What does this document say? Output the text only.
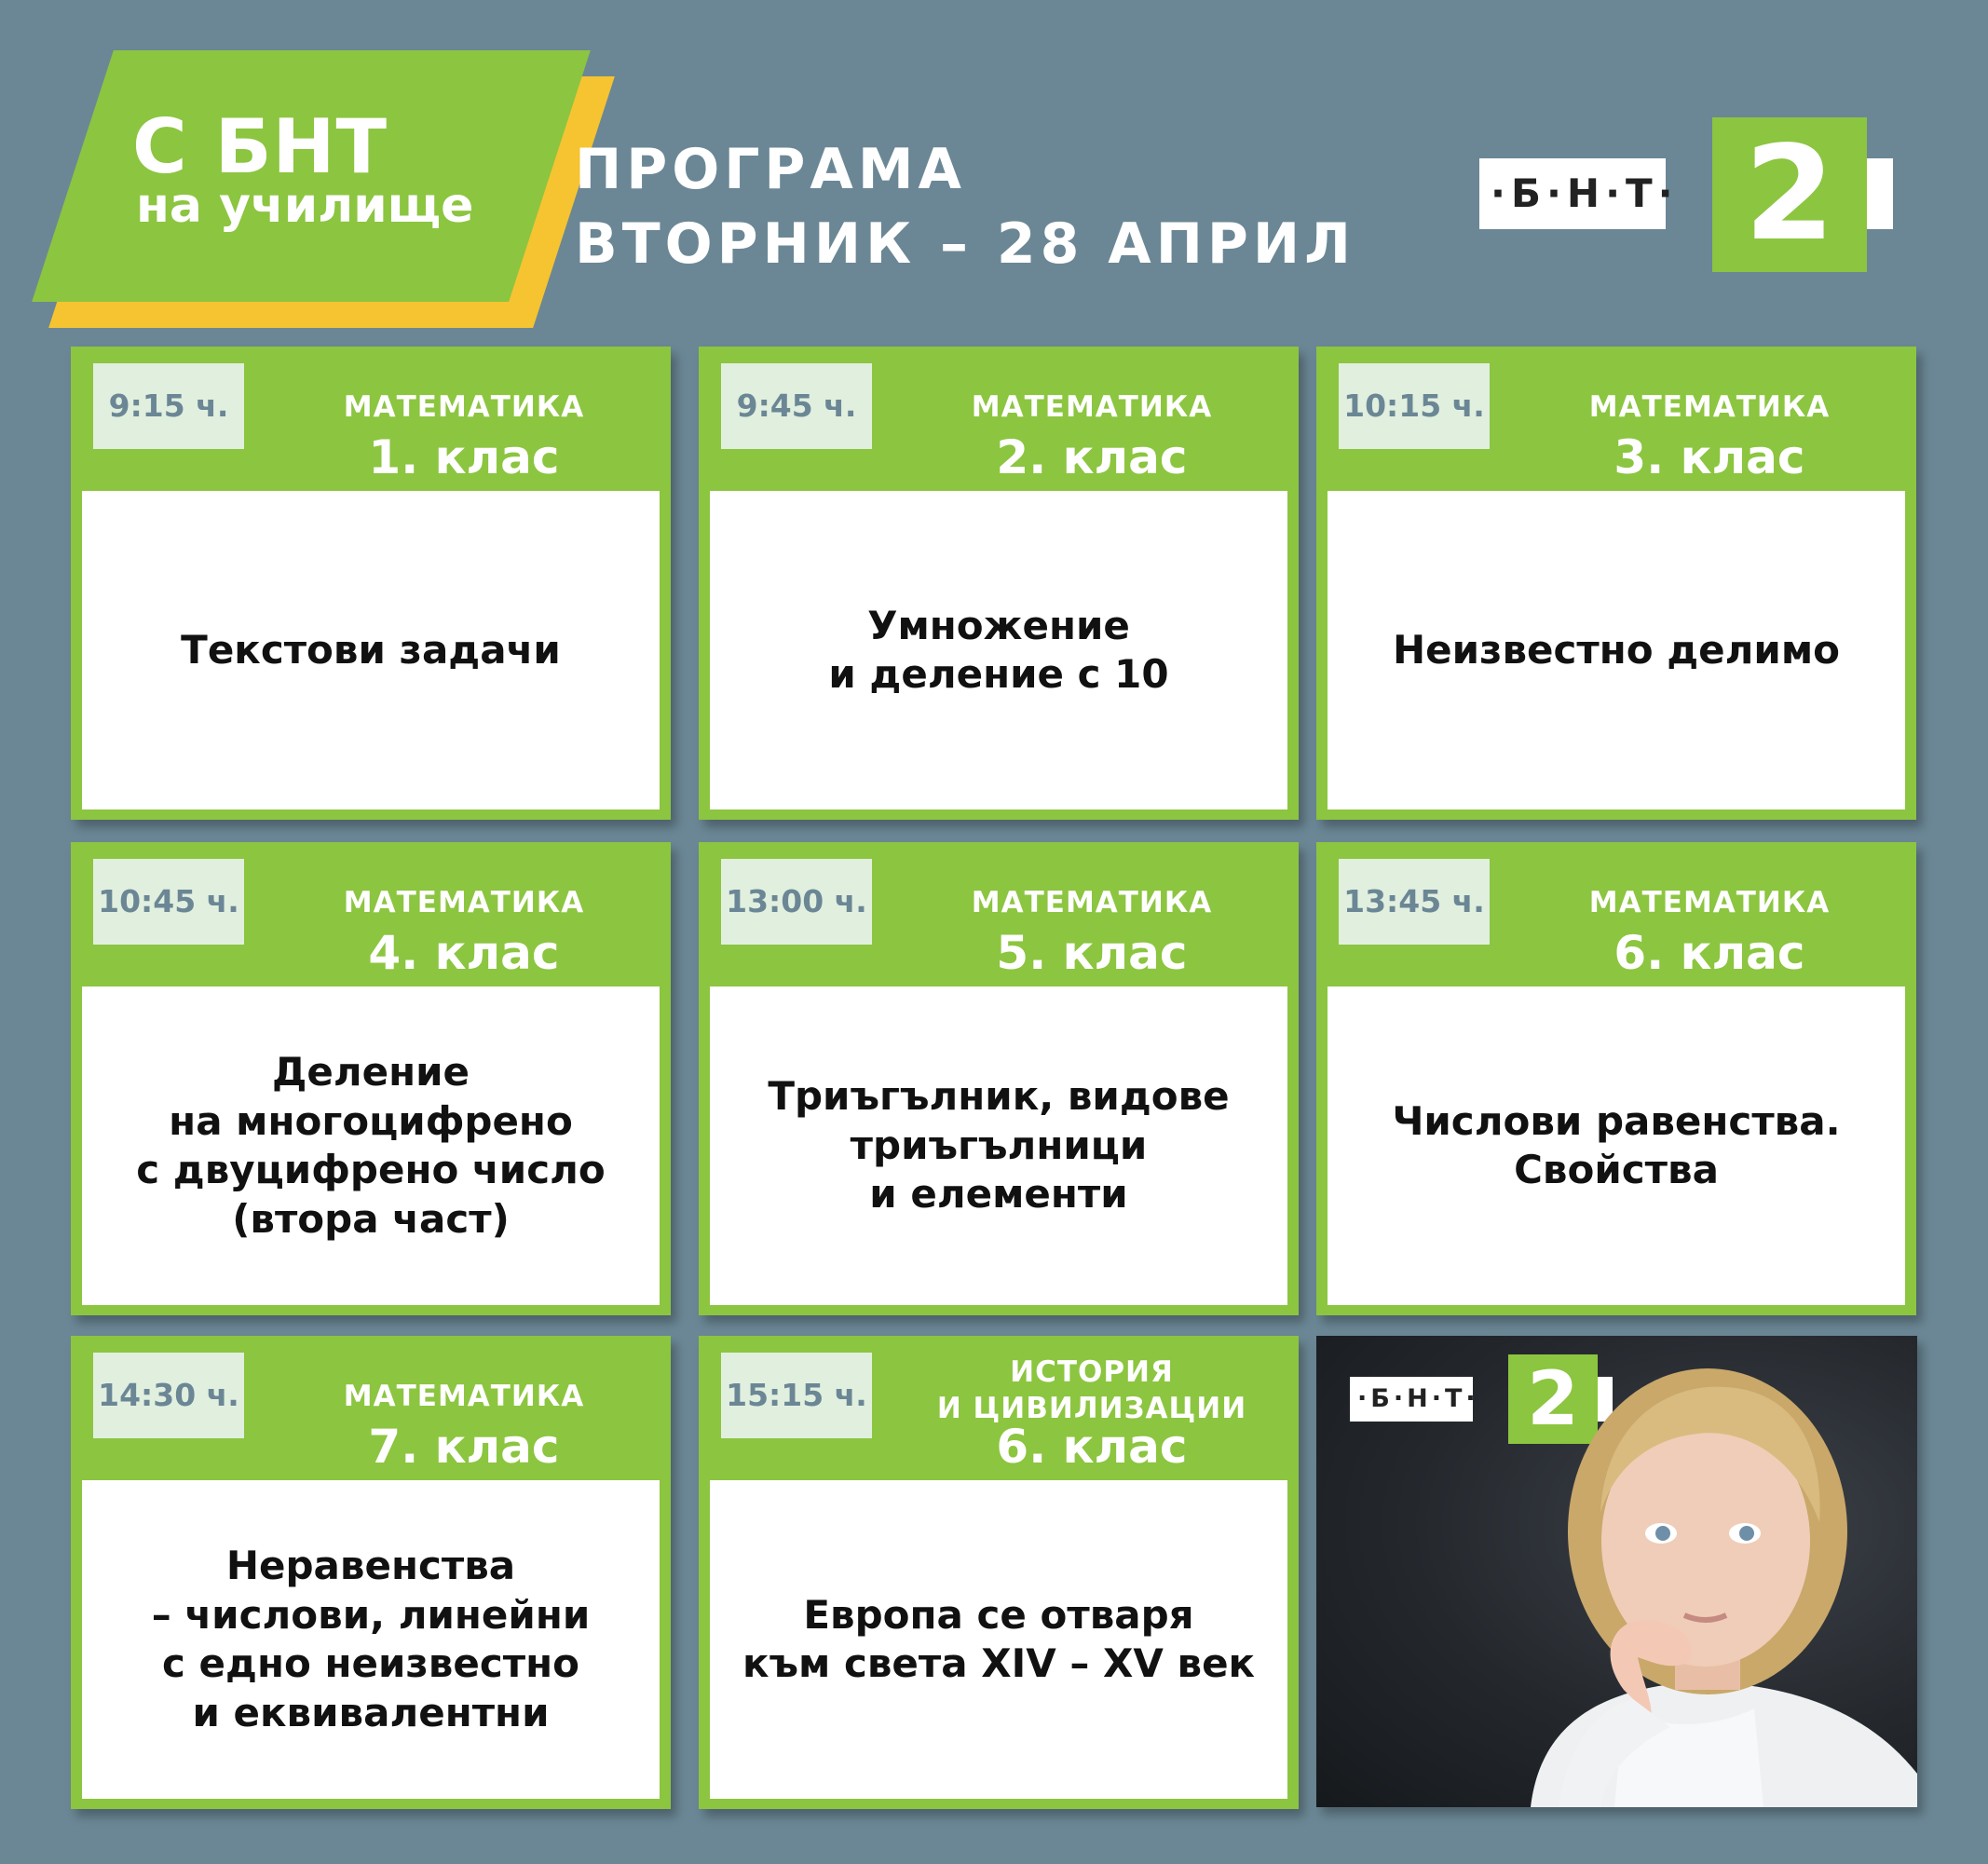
С БНТ
на училище
ПРОГРАМА
ВТОРНИК – 28 АПРИЛ
·Б·Н·Т· 2
9:15 ч.	МАТЕМАТИКА
1. клас
Текстови задачи
9:45 ч.	МАТЕМАТИКА
2. клас
Умножение
и деление с 10
10:15 ч.	МАТЕМАТИКА
3. клас
Неизвестно делимо
10:45 ч.	МАТЕМАТИКА
4. клас
Деление
на многоцифрено
с двуцифрено число
(втора част)
13:00 ч.	МАТЕМАТИКА
5. клас
Триъгълник, видове
триъгълници
и елементи
13:45 ч.	МАТЕМАТИКА
6. клас
Числови равенства.
Свойства
14:30 ч.	МАТЕМАТИКА
7. клас
Неравенства
– числови, линейни
с едно неизвестно
и еквивалентни
15:15 ч.
ИСТОРИЯ
И ЦИВИЛИЗАЦИИ
6. клас
Европа се отваря
към света XIV – XV век
·Б·Н·Т· 2
